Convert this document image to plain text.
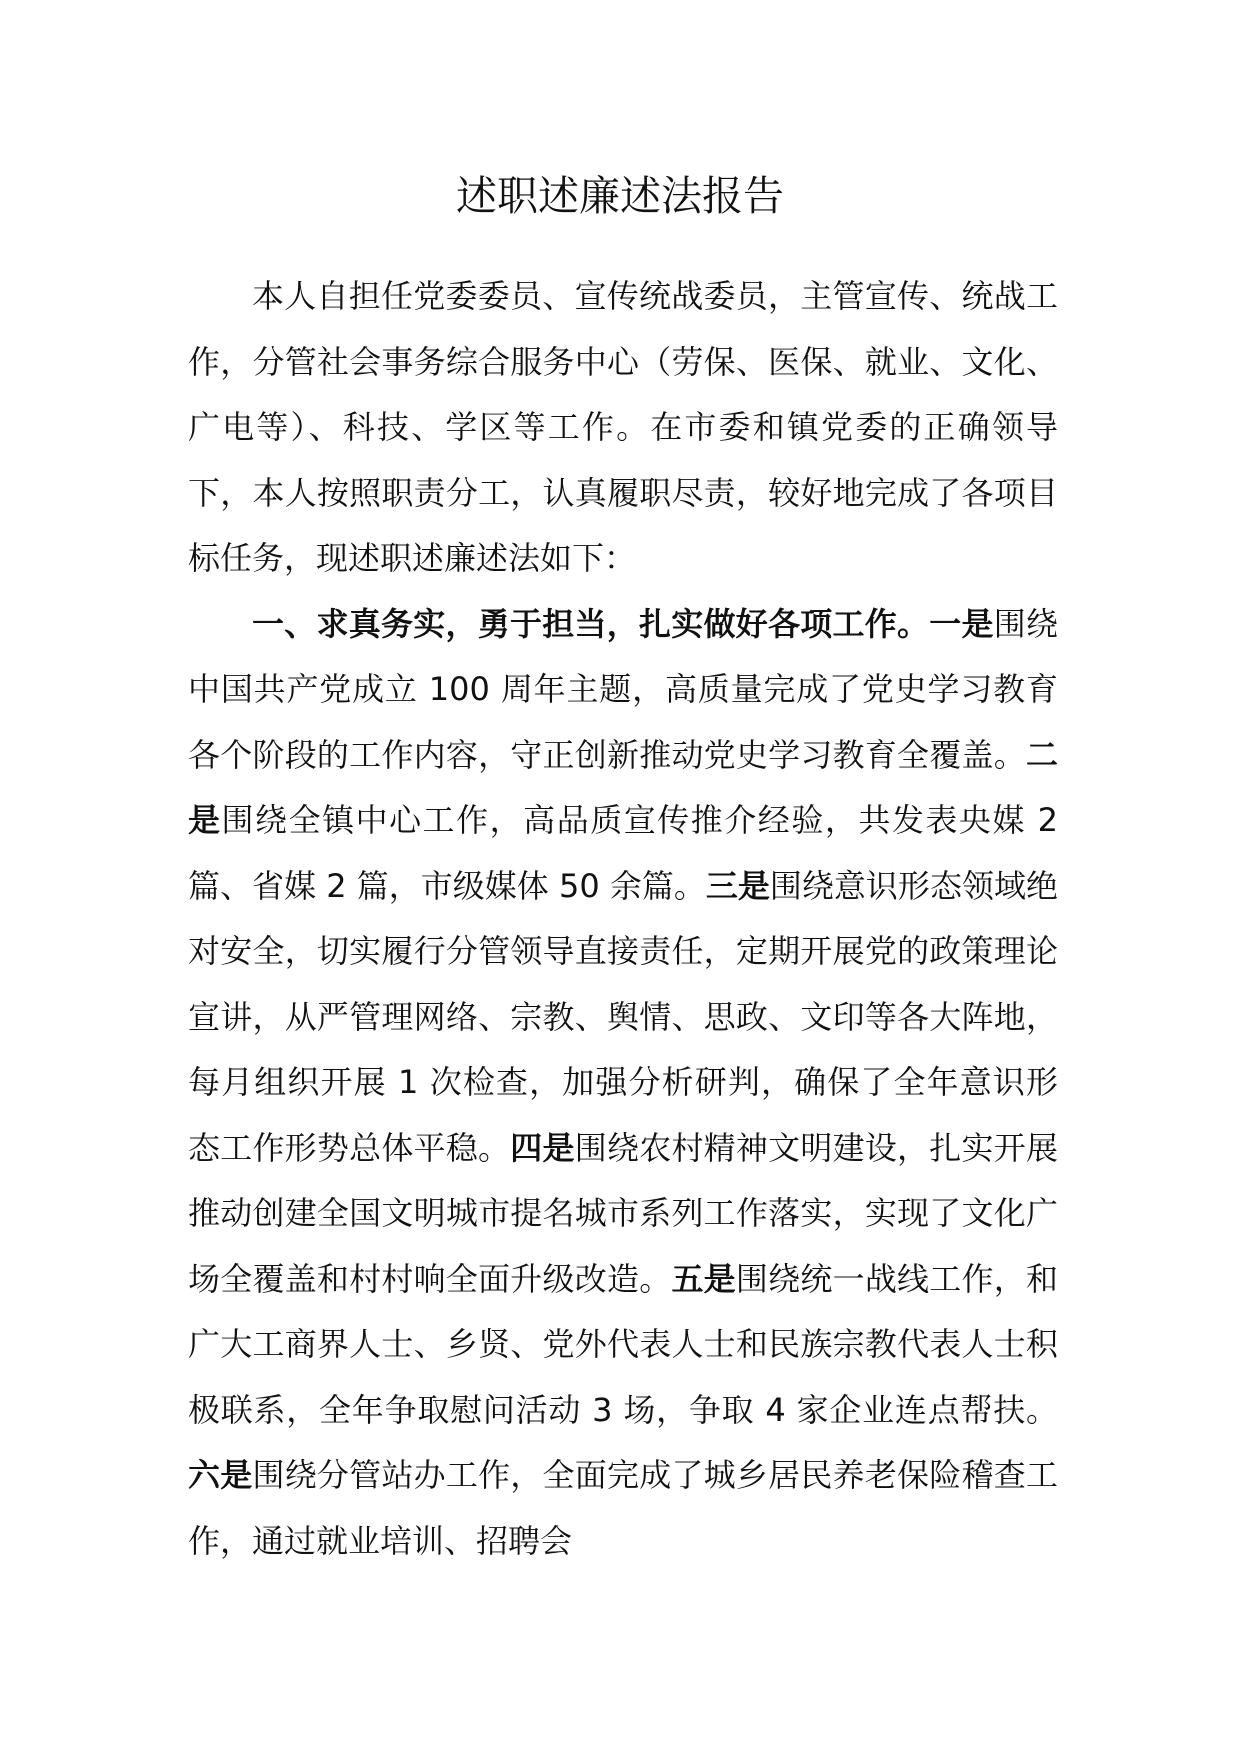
述职述廉述法报告

本人自担任党委委员、宣传统战委员，主管宣传、统战工作，分管社会事务综合服务中心（劳保、医保、就业、文化、广电等）、科技、学区等工作。在市委和镇党委的正确领导下，本人按照职责分工，认真履职尽责，较好地完成了各项目标任务，现述职述廉述法如下：

一、求真务实，勇于担当，扎实做好各项工作。一是围绕中国共产党成立 100 周年主题，高质量完成了党史学习教育各个阶段的工作内容，守正创新推动党史学习教育全覆盖。二是围绕全镇中心工作，高品质宣传推介经验，共发表央媒 2 篇、省媒 2 篇，市级媒体 50 余篇。三是围绕意识形态领域绝对安全，切实履行分管领导直接责任，定期开展党的政策理论宣讲，从严管理网络、宗教、舆情、思政、文印等各大阵地，每月组织开展 1 次检查，加强分析研判，确保了全年意识形态工作形势总体平稳。四是围绕农村精神文明建设，扎实开展推动创建全国文明城市提名城市系列工作落实，实现了文化广场全覆盖和村村响全面升级改造。五是围绕统一战线工作，和广大工商界人士、乡贤、党外代表人士和民族宗教代表人士积极联系，全年争取慰问活动 3 场，争取 4 家企业连点帮扶。六是围绕分管站办工作，全面完成了城乡居民养老保险稽查工作，通过就业培训、招聘会
